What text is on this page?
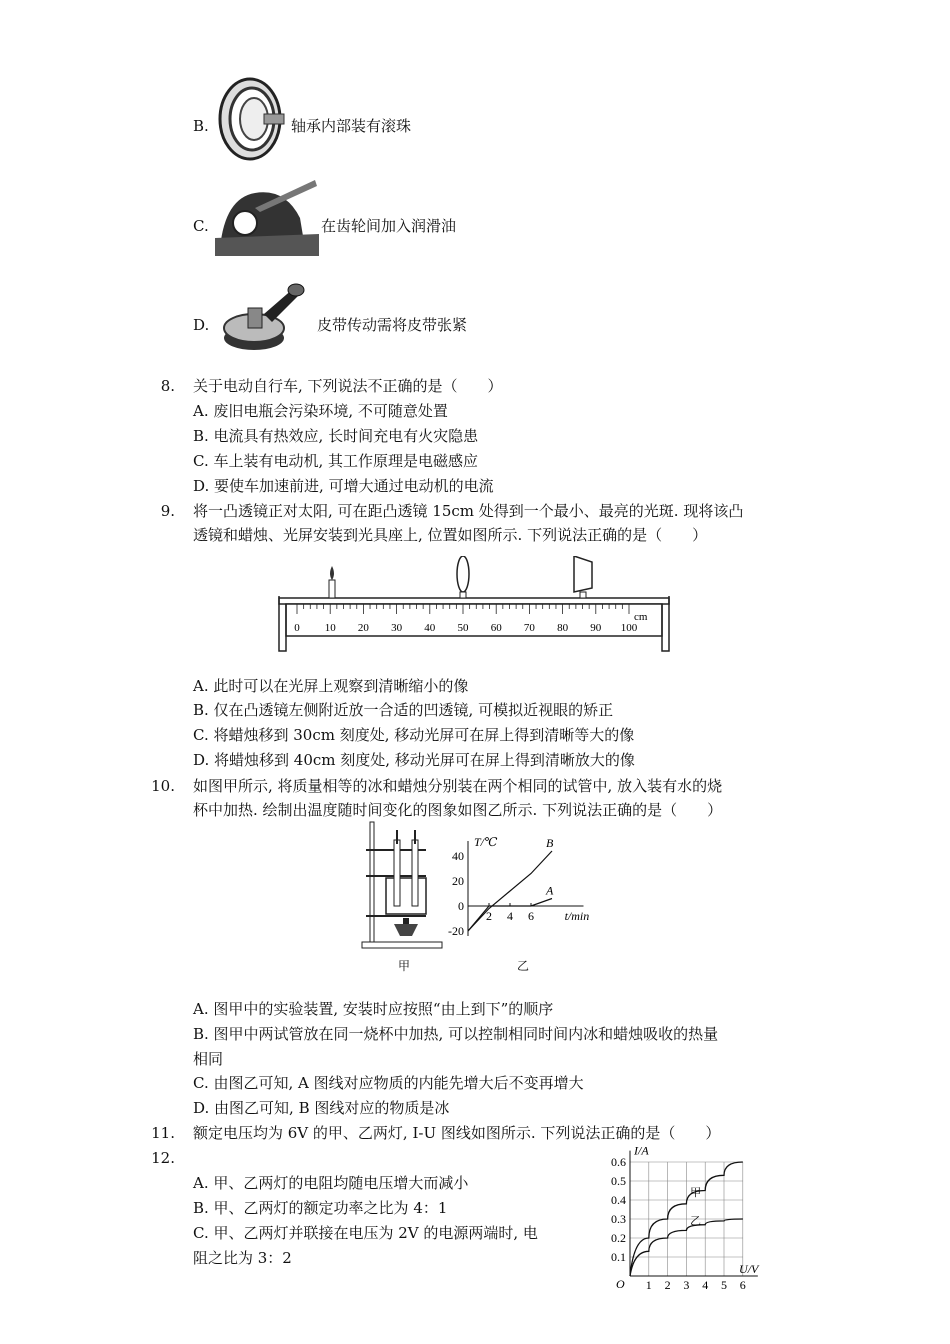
B.	轴承内部装有滚珠
C.	在齿轮间加入润滑油
D.	皮带传动需将皮带张紧
8. 关于电动自行车, 下列说法不正确的是（　　）
A. 废旧电瓶会污染环境, 不可随意处置
B. 电流具有热效应, 长时间充电有火灾隐患
C. 车上装有电动机, 其工作原理是电磁感应
D. 要使车加速前进, 可增大通过电动机的电流
9. 将一凸透镜正对太阳, 可在距凸透镜 15cm 处得到一个最小、最亮的光斑. 现将该凸
透镜和蜡烛、光屏安装到光具座上, 位置如图所示. 下列说法正确的是（　　）
0 10 20 30 40 50 60 70 80 90 100
cm
A. 此时可以在光屏上观察到清晰缩小的像
B. 仅在凸透镜左侧附近放一合适的凹透镜, 可模拟近视眼的矫正
C. 将蜡烛移到 30cm 刻度处, 移动光屏可在屏上得到清晰等大的像
D. 将蜡烛移到 40cm 刻度处, 移动光屏可在屏上得到清晰放大的像
10. 如图甲所示, 将质量相等的冰和蜡烛分别装在两个相同的试管中, 放入装有水的烧
杯中加热. 绘制出温度随时间变化的图象如图乙所示. 下列说法正确的是（　　）
甲
T/℃
t/min
40
20
0
-20
2 4 6
A
B
乙
A. 图甲中的实验装置, 安装时应按照“由上到下”的顺序
B. 图甲中两试管放在同一烧杯中加热, 可以控制相同时间内冰和蜡烛吸收的热量
相同
C. 由图乙可知, A 图线对应物质的内能先增大后不变再增大
D. 由图乙可知, B 图线对应的物质是冰
11. 额定电压均为 6V 的甲、乙两灯, I-U 图线如图所示. 下列说法正确的是（　　）
12.
A. 甲、乙两灯的电阻均随电压增大而减小
B. 甲、乙两灯的额定功率之比为 4：1
C. 甲、乙两灯并联接在电压为 2V 的电源两端时, 电
阻之比为 3：2
I/A
U/V
O
0.1
0.2
0.3
0.4
0.5
0.6
1 2 3 4 5 6
甲
乙
